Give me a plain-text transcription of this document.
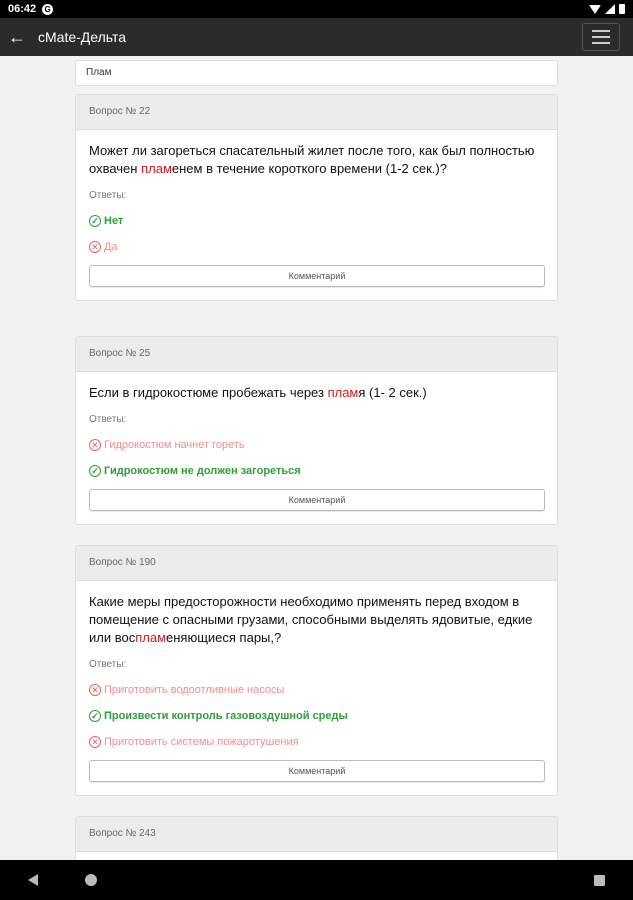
06:42 G
← cMate-Дельта
Плам
Вопрос № 22
Может ли загореться спасательный жилет после того, как был полностью охвачен пламенем в течение короткого времени (1-2 сек.)?
Ответы:
✓ Нет
✕ Да
Комментарий
Вопрос № 25
Если в гидрокостюме пробежать через пламя (1- 2 сек.)
Ответы:
✕ Гидрокостюм начнет гореть
✓ Гидрокостюм не должен загореться
Комментарий
Вопрос № 190
Какие меры предосторожности необходимо применять перед входом в помещение с опасными грузами, способными выделять ядовитые, едкие или воспламеняющиеся пары,?
Ответы:
✕ Приготовить водоотливные насосы
✓ Произвести контроль газовоздушной среды
✕ Приготовить системы пожаротушения
Комментарий
Вопрос № 243
